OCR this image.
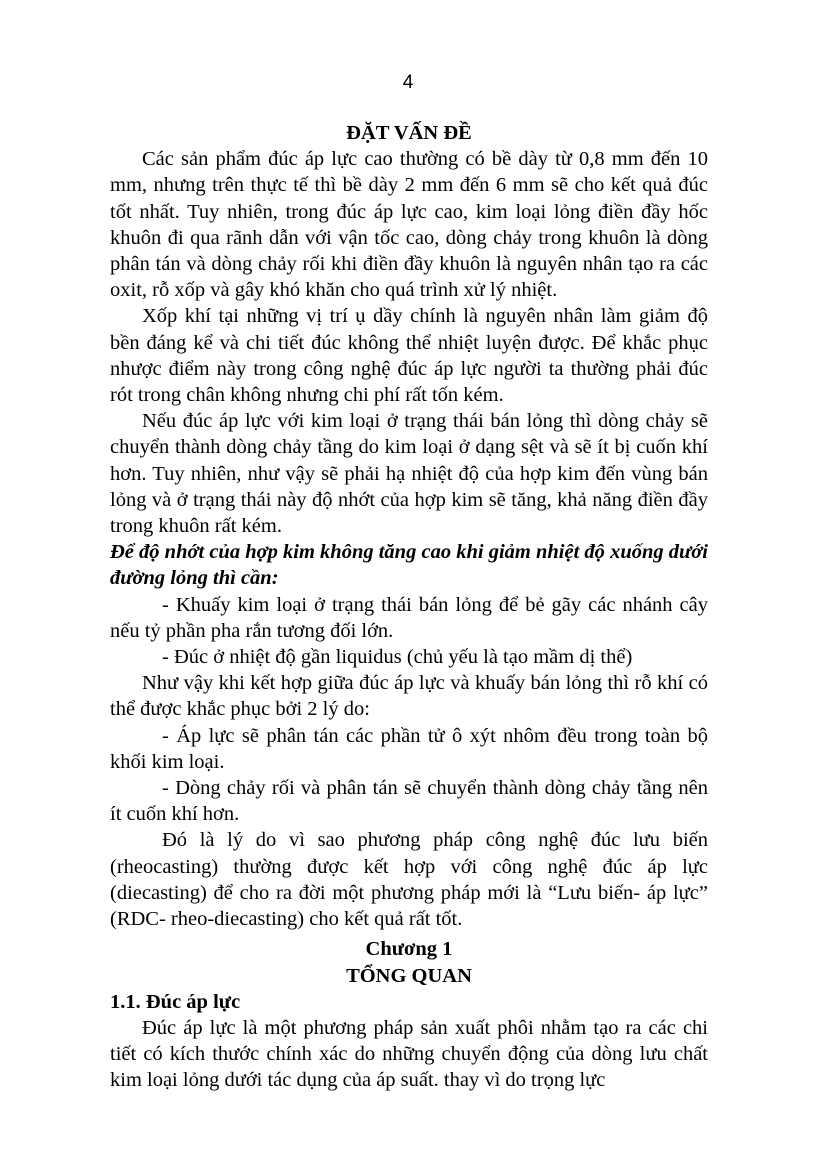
4

ĐẶT VẤN ĐỀ

Các sản phẩm đúc áp lực cao thường có bề dày từ 0,8 mm đến 10 mm, nhưng trên thực tế thì bề dày 2 mm đến 6 mm sẽ cho kết quả đúc tốt nhất. Tuy nhiên, trong đúc áp lực cao, kim loại lỏng điền đầy hốc khuôn đi qua rãnh dẫn với vận tốc cao, dòng chảy trong khuôn là dòng phân tán và dòng chảy rối khi điền đầy khuôn là nguyên nhân tạo ra các oxit, rỗ xốp và gây khó khăn cho quá trình xử lý nhiệt.

Xốp khí tại những vị trí ụ dầy chính là nguyên nhân làm giảm độ bền đáng kể và chi tiết đúc không thể nhiệt luyện được. Để khắc phục nhược điểm này trong công nghệ đúc áp lực người ta thường phải đúc rót trong chân không nhưng chi phí rất tốn kém.

Nếu đúc áp lực với kim loại ở trạng thái bán lỏng thì dòng chảy sẽ chuyển thành dòng chảy tầng do kim loại ở dạng sệt và sẽ ít bị cuốn khí hơn. Tuy nhiên, như vậy sẽ phải hạ nhiệt độ của hợp kim đến vùng bán lỏng và ở trạng thái này độ nhớt của hợp kim sẽ tăng, khả năng điền đầy trong khuôn rất kém.

Để độ nhớt của hợp kim không tăng cao khi giảm nhiệt độ xuống dưới đường lỏng thì cần:

- Khuấy kim loại ở trạng thái bán lỏng để bẻ gãy các nhánh cây nếu tỷ phần pha rắn tương đối lớn.

- Đúc ở nhiệt độ gần liquidus (chủ yếu là tạo mầm dị thể)

Như vậy khi kết hợp giữa đúc áp lực và khuấy bán lỏng thì rỗ khí có thể được khắc phục bởi 2 lý do:

- Áp lực sẽ phân tán các phần tử ô xýt nhôm đều trong toàn bộ khối kim loại.

- Dòng chảy rối và phân tán sẽ chuyển thành dòng chảy tầng nên ít cuốn khí hơn.

Đó là lý do vì sao phương pháp công nghệ đúc lưu biến (rheocasting) thường được kết hợp với công nghệ đúc áp lực (diecasting) để cho ra đời một phương pháp mới là “Lưu biến- áp lực” (RDC- rheo-diecasting) cho kết quả rất tốt.

Chương 1

TỔNG QUAN

1.1. Đúc áp lực

Đúc áp lực là một phương pháp sản xuất phôi nhằm tạo ra các chi tiết có kích thước chính xác do những chuyển động của dòng lưu chất kim loại lỏng dưới tác dụng của áp suất. thay vì do trọng lực
